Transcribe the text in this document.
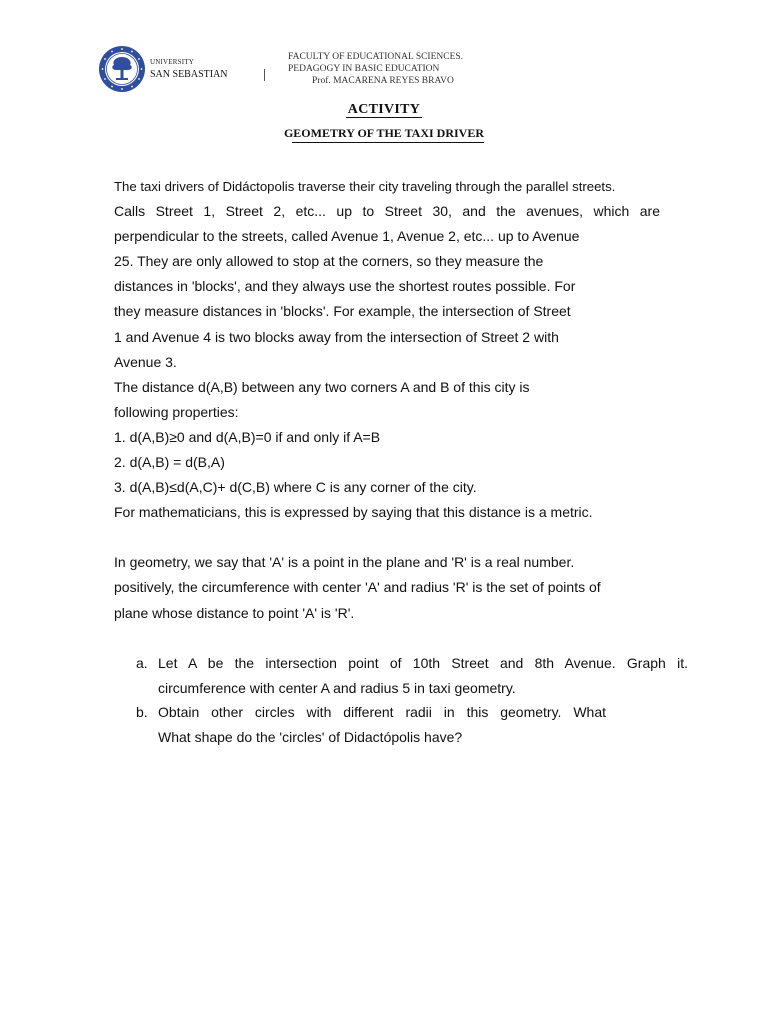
UNIVERSITY
SAN SEBASTIAN
FACULTY OF EDUCATIONAL SCIENCES.
PEDAGOGY IN BASIC EDUCATION
Prof. MACARENA REYES BRAVO
ACTIVITY
GEOMETRY OF THE TAXI DRIVER

The taxi drivers of Didáctopolis traverse their city traveling through the parallel streets.

Calls Street 1, Street 2, etc... up to Street 30, and the avenues, which are

perpendicular to the streets, called Avenue 1, Avenue 2, etc... up to Avenue

25. They are only allowed to stop at the corners, so they measure the

distances in 'blocks', and they always use the shortest routes possible. For

they measure distances in 'blocks'. For example, the intersection of Street

1 and Avenue 4 is two blocks away from the intersection of Street 2 with

Avenue 3.

The distance d(A,B) between any two corners A and B of this city is

following properties:

1. d(A,B)≥0 and d(A,B)=0 if and only if A=B

2. d(A,B) = d(B,A)

3. d(A,B)≤d(A,C)+ d(C,B) where C is any corner of the city.

For mathematicians, this is expressed by saying that this distance is a metric.

In geometry, we say that 'A' is a point in the plane and 'R' is a real number.

positively, the circumference with center 'A' and radius 'R' is the set of points of

plane whose distance to point 'A' is 'R'.

a. Let A be the intersection point of 10th Street and 8th Avenue. Graph it.

circumference with center A and radius 5 in taxi geometry.

b. Obtain other circles with different radii in this geometry. What

What shape do the 'circles' of Didactópolis have?
